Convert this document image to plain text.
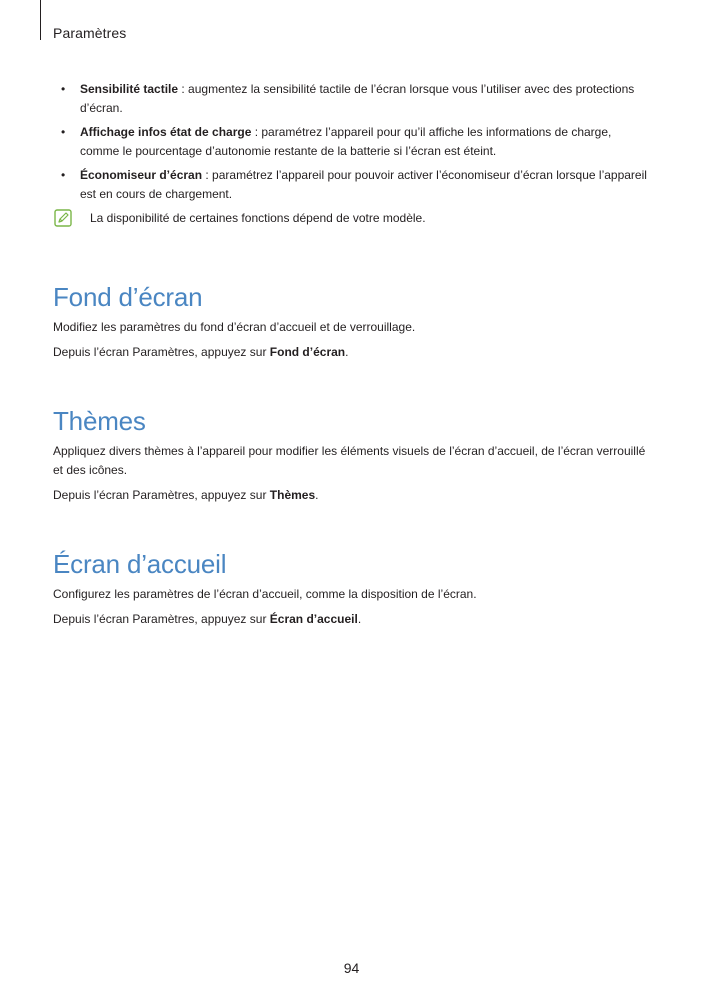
Paramètres
• Sensibilité tactile : augmentez la sensibilité tactile de l’écran lorsque vous l’utiliser avec des protections d’écran.
• Affichage infos état de charge : paramétrez l’appareil pour qu’il affiche les informations de charge, comme le pourcentage d’autonomie restante de la batterie si l’écran est éteint.
• Économiseur d’écran : paramétrez l’appareil pour pouvoir activer l’économiseur d’écran lorsque l’appareil est en cours de chargement.
La disponibilité de certaines fonctions dépend de votre modèle.
Fond d’écran

Modifiez les paramètres du fond d’écran d’accueil et de verrouillage.

Depuis l’écran Paramètres, appuyez sur Fond d’écran.

Thèmes

Appliquez divers thèmes à l’appareil pour modifier les éléments visuels de l’écran d’accueil, de l’écran verrouillé et des icônes.

Depuis l’écran Paramètres, appuyez sur Thèmes.

Écran d’accueil

Configurez les paramètres de l’écran d’accueil, comme la disposition de l’écran.

Depuis l’écran Paramètres, appuyez sur Écran d’accueil.

94
